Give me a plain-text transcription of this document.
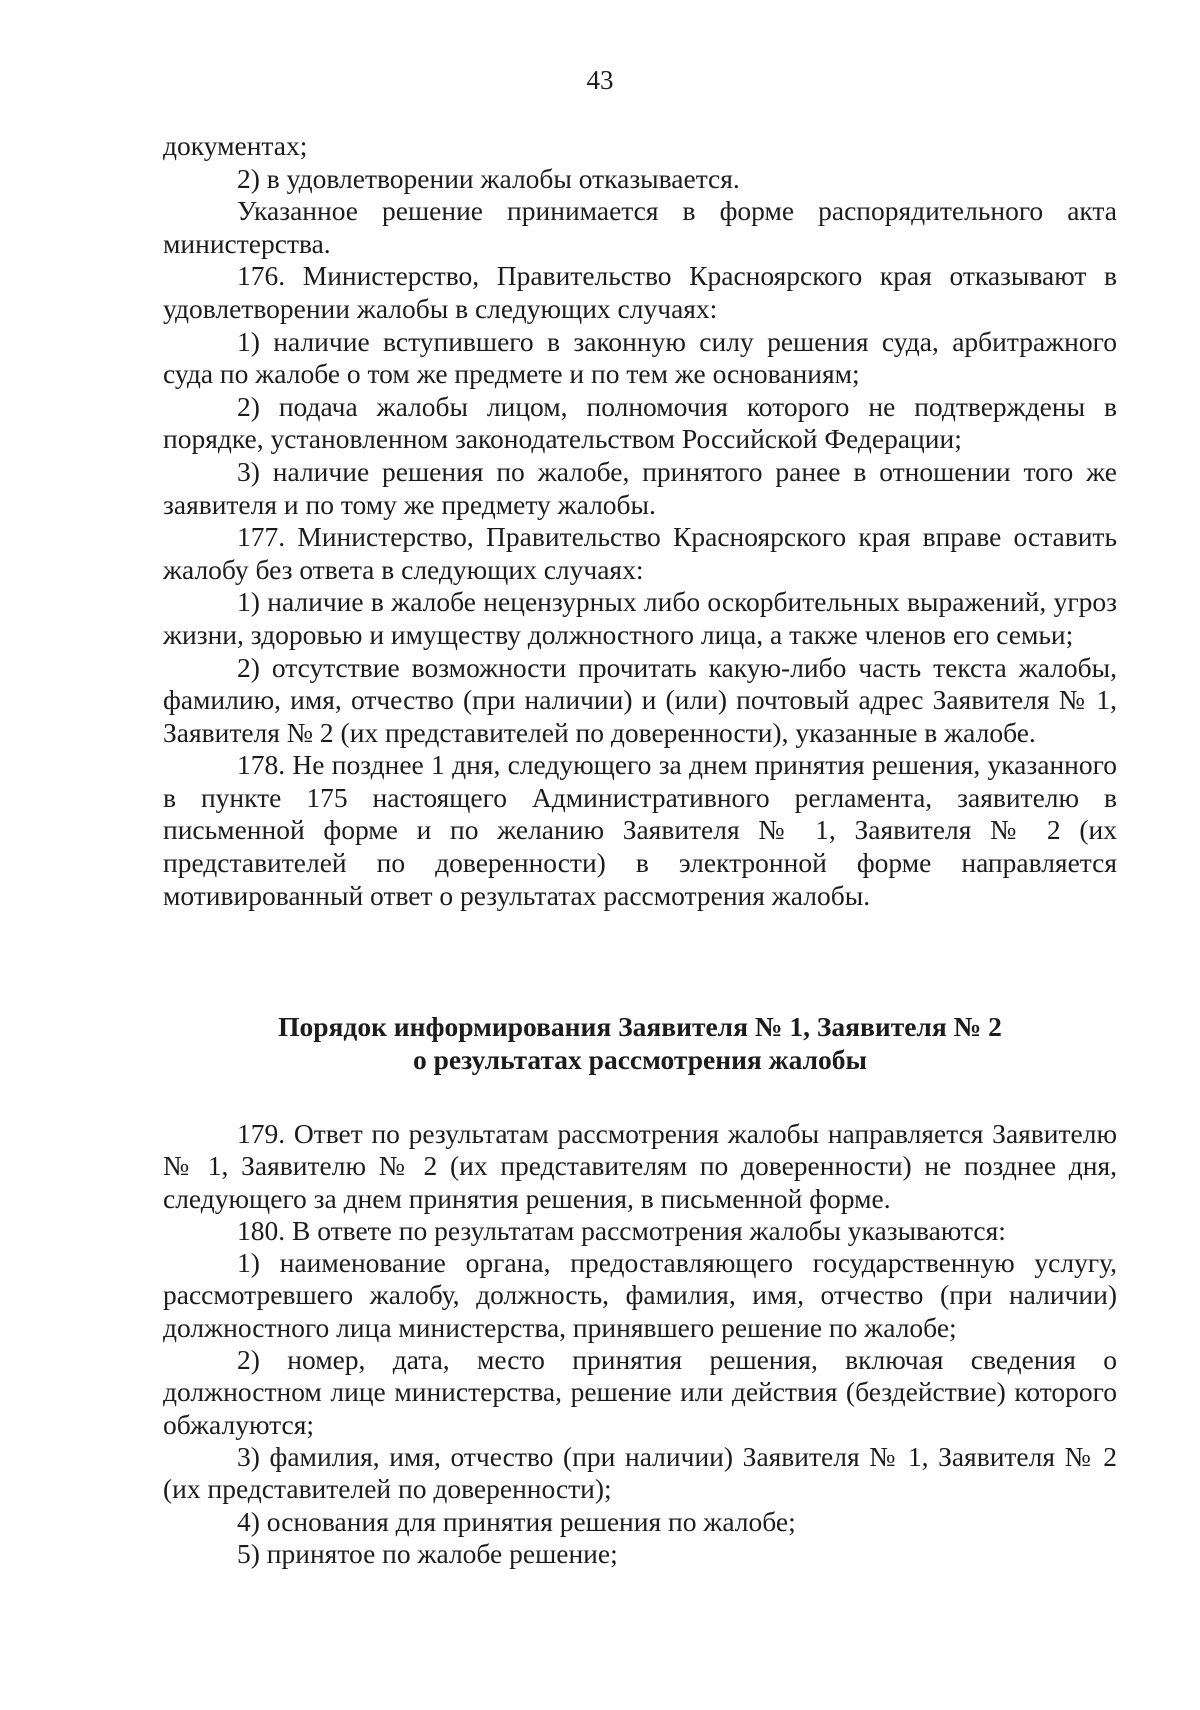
43

документах;

2) в удовлетворении жалобы отказывается.

Указанное решение принимается в форме распорядительного акта министерства.

176. Министерство, Правительство Красноярского края отказывают в удовлетворении жалобы в следующих случаях:

1) наличие вступившего в законную силу решения суда, арбитражного суда по жалобе о том же предмете и по тем же основаниям;

2) подача жалобы лицом, полномочия которого не подтверждены в порядке, установленном законодательством Российской Федерации;

3) наличие решения по жалобе, принятого ранее в отношении того же заявителя и по тому же предмету жалобы.

177. Министерство, Правительство Красноярского края вправе оставить жалобу без ответа в следующих случаях:

1) наличие в жалобе нецензурных либо оскорбительных выражений, угроз жизни, здоровью и имуществу должностного лица, а также членов его семьи;

2) отсутствие возможности прочитать какую-либо часть текста жалобы, фамилию, имя, отчество (при наличии) и (или) почтовый адрес Заявителя № 1, Заявителя № 2 (их представителей по доверенности), указанные в жалобе.

178. Не позднее 1 дня, следующего за днем принятия решения, указанного в пункте 175 настоящего Административного регламента, заявителю в письменной форме и по желанию Заявителя № 1, Заявителя № 2 (их представителей по доверенности) в электронной форме направляется мотивированный ответ о результатах рассмотрения жалобы.

Порядок информирования Заявителя № 1, Заявителя № 2
о результатах рассмотрения жалобы

179. Ответ по результатам рассмотрения жалобы направляется Заявителю № 1, Заявителю № 2 (их представителям по доверенности) не позднее дня, следующего за днем принятия решения, в письменной форме.

180. В ответе по результатам рассмотрения жалобы указываются:

1) наименование органа, предоставляющего государственную услугу, рассмотревшего жалобу, должность, фамилия, имя, отчество (при наличии) должностного лица министерства, принявшего решение по жалобе;

2) номер, дата, место принятия решения, включая сведения о должностном лице министерства, решение или действия (бездействие) которого обжалуются;

3) фамилия, имя, отчество (при наличии) Заявителя № 1, Заявителя № 2 (их представителей по доверенности);

4) основания для принятия решения по жалобе;

5) принятое по жалобе решение;
